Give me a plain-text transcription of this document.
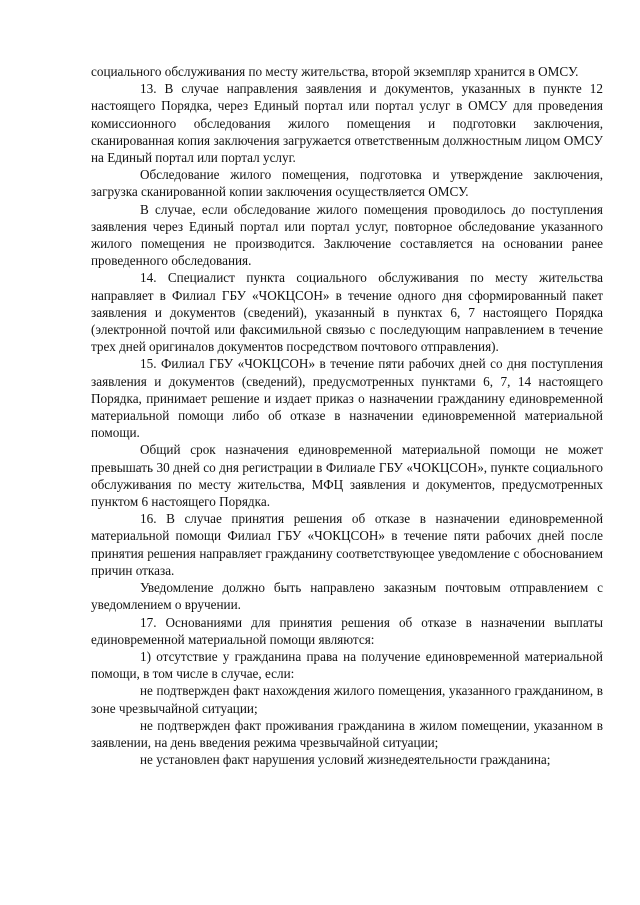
социального обслуживания по месту жительства, второй экземпляр хранится в ОМСУ.

13. В случае направления заявления и документов, указанных в пункте 12 настоящего Порядка, через Единый портал или портал услуг в ОМСУ для проведения комиссионного обследования жилого помещения и подготовки заключения, сканированная копия заключения загружается ответственным должностным лицом ОМСУ на Единый портал или портал услуг.

Обследование жилого помещения, подготовка и утверждение заключения, загрузка сканированной копии заключения осуществляется ОМСУ.

В случае, если обследование жилого помещения проводилось до поступления заявления через Единый портал или портал услуг, повторное обследование указанного жилого помещения не производится. Заключение составляется на основании ранее проведенного обследования.

14. Специалист пункта социального обслуживания по месту жительства направляет в Филиал ГБУ «ЧОКЦСОН» в течение одного дня сформированный пакет заявления и документов (сведений), указанный в пунктах 6, 7 настоящего Порядка (электронной почтой или факсимильной связью с последующим направлением в течение трех дней оригиналов документов посредством почтового отправления).

15. Филиал ГБУ «ЧОКЦСОН» в течение пяти рабочих дней со дня поступления заявления и документов (сведений), предусмотренных пунктами 6, 7, 14 настоящего Порядка, принимает решение и издает приказ о назначении гражданину единовременной материальной помощи либо об отказе в назначении единовременной материальной помощи.

Общий срок назначения единовременной материальной помощи не может превышать 30 дней со дня регистрации в Филиале ГБУ «ЧОКЦСОН», пункте социального обслуживания по месту жительства, МФЦ заявления и документов, предусмотренных пунктом 6 настоящего Порядка.

16. В случае принятия решения об отказе в назначении единовременной материальной помощи Филиал ГБУ «ЧОКЦСОН» в течение пяти рабочих дней после принятия решения направляет гражданину соответствующее уведомление с обоснованием причин отказа.

Уведомление должно быть направлено заказным почтовым отправлением с уведомлением о вручении.

17. Основаниями для принятия решения об отказе в назначении выплаты единовременной материальной помощи являются:

1) отсутствие у гражданина права на получение единовременной материальной помощи, в том числе в случае, если:

не подтвержден факт нахождения жилого помещения, указанного гражданином, в зоне чрезвычайной ситуации;

не подтвержден факт проживания гражданина в жилом помещении, указанном в заявлении, на день введения режима чрезвычайной ситуации;

не установлен факт нарушения условий жизнедеятельности гражданина;
